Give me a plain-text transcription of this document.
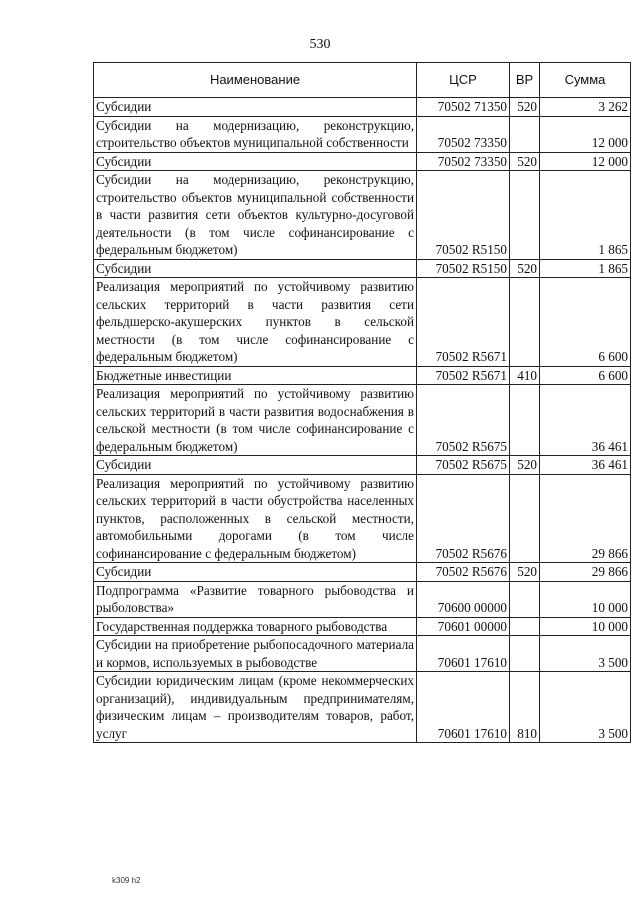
530
Наименование	ЦСР	ВР	Сумма
Субсидии	70502 71350	520	3 262
Субсидии на модернизацию, реконструкцию, строительство объектов муниципальной собственности	70502 73350		12 000
Субсидии	70502 73350	520	12 000
Субсидии на модернизацию, реконструкцию, строительство объектов муниципальной собственности в части развития сети объектов культурно-досуговой деятельности (в том числе софинансирование с федеральным бюджетом)	70502 R5150		1 865
Субсидии	70502 R5150	520	1 865
Реализация мероприятий по устойчивому развитию сельских территорий в части развития сети фельдшерско-акушерских пунктов в сельской местности (в том числе софинансирование с федеральным бюджетом)	70502 R5671		6 600
Бюджетные инвестиции	70502 R5671	410	6 600
Реализация мероприятий по устойчивому развитию сельских территорий в части развития водоснабжения в сельской местности (в том числе софинансирование с федеральным бюджетом)	70502 R5675		36 461
Субсидии	70502 R5675	520	36 461
Реализация мероприятий по устойчивому развитию сельских территорий в части обустройства населенных пунктов, расположенных в сельской местности, автомобильными дорогами (в том числе софинансирование с федеральным бюджетом)	70502 R5676		29 866
Субсидии	70502 R5676	520	29 866
Подпрограмма «Развитие товарного рыбоводства и рыболовства»	70600 00000		10 000
Государственная поддержка товарного рыбоводства	70601 00000		10 000
Субсидии на приобретение рыбопосадочного материала и кормов, используемых в рыбоводстве	70601 17610		3 500
Субсидии юридическим лицам (кроме некоммерческих организаций), индивидуальным предпринимателям, физическим лицам – производителям товаров, работ, услуг	70601 17610	810	3 500
k309 h2
